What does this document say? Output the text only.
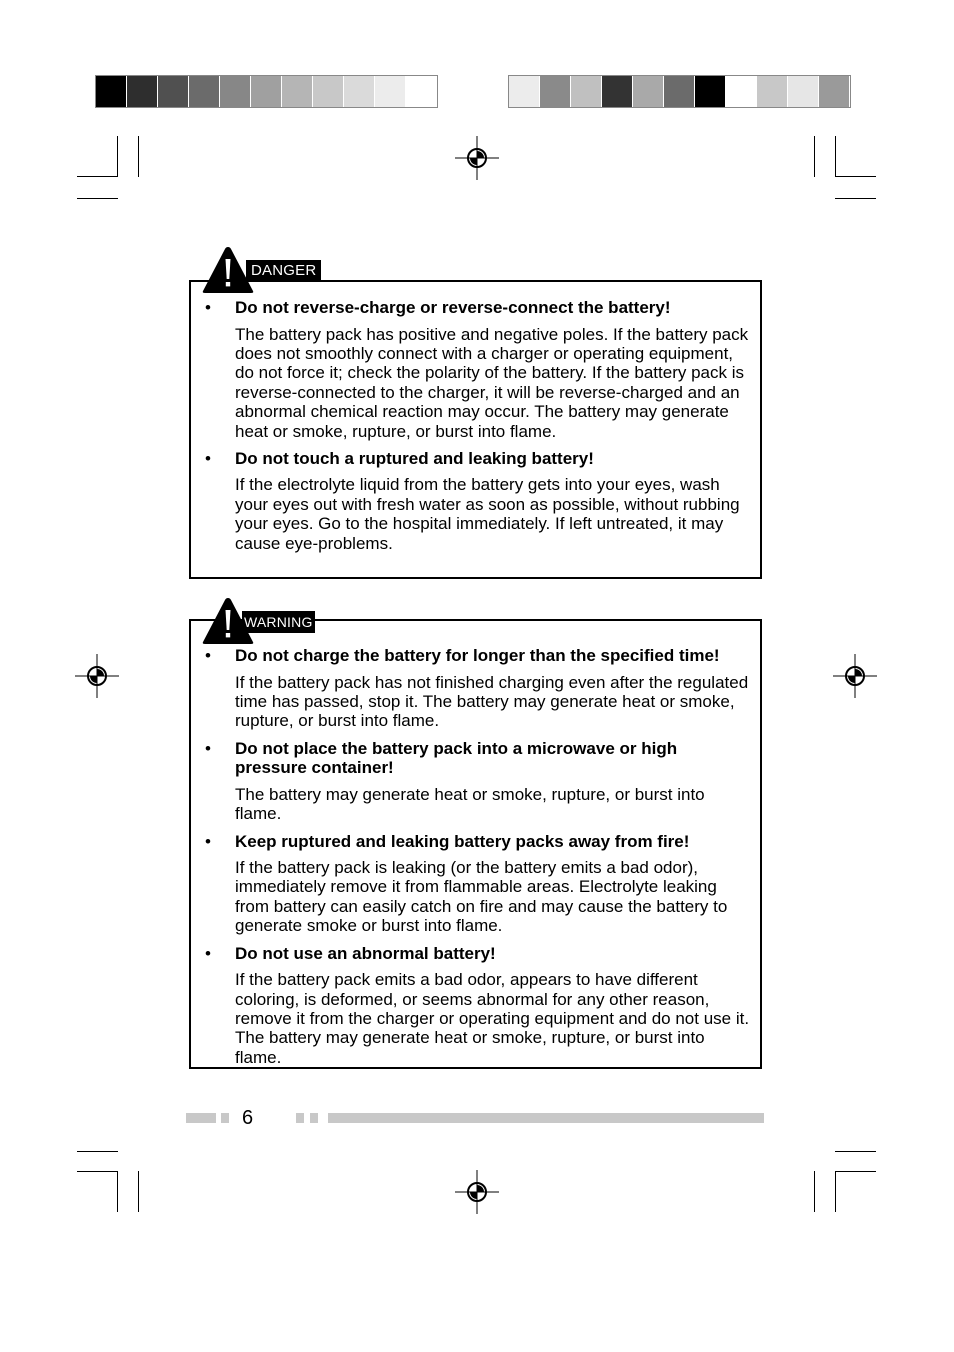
• Do not reverse-charge or reverse-connect the battery!
The battery pack has positive and negative poles. If the battery pack does not smoothly connect with a charger or operating equipment, do not force it; check the polarity of the battery. If the battery pack is reverse-connected to the charger, it will be reverse-charged and an abnormal chemical reaction may occur. The battery may generate heat or smoke, rupture, or burst into flame.
• Do not touch a ruptured and leaking battery!
If the electrolyte liquid from the battery gets into your eyes, wash your eyes out with fresh water as soon as possible, without rubbing your eyes. Go to the hospital immediately. If left untreated, it may cause eye-problems.
DANGER
• Do not charge the battery for longer than the specified time!
If the battery pack has not finished charging even after the regulated time has passed, stop it. The battery may generate heat or smoke, rupture, or burst into flame.
• Do not place the battery pack into a microwave or high pressure container!
The battery may generate heat or smoke, rupture, or burst into flame.
• Keep ruptured and leaking battery packs away from fire!
If the battery pack is leaking (or the battery emits a bad odor), immediately remove it from flammable areas. Electrolyte leaking from battery can easily catch on fire and may cause the battery to generate smoke or burst into flame.
• Do not use an abnormal battery!
If the battery pack emits a bad odor, appears to have different coloring, is deformed, or seems abnormal for any other reason, remove it from the charger or operating equipment and do not use it. The battery may generate heat or smoke, rupture, or burst into flame.
WARNING
6
